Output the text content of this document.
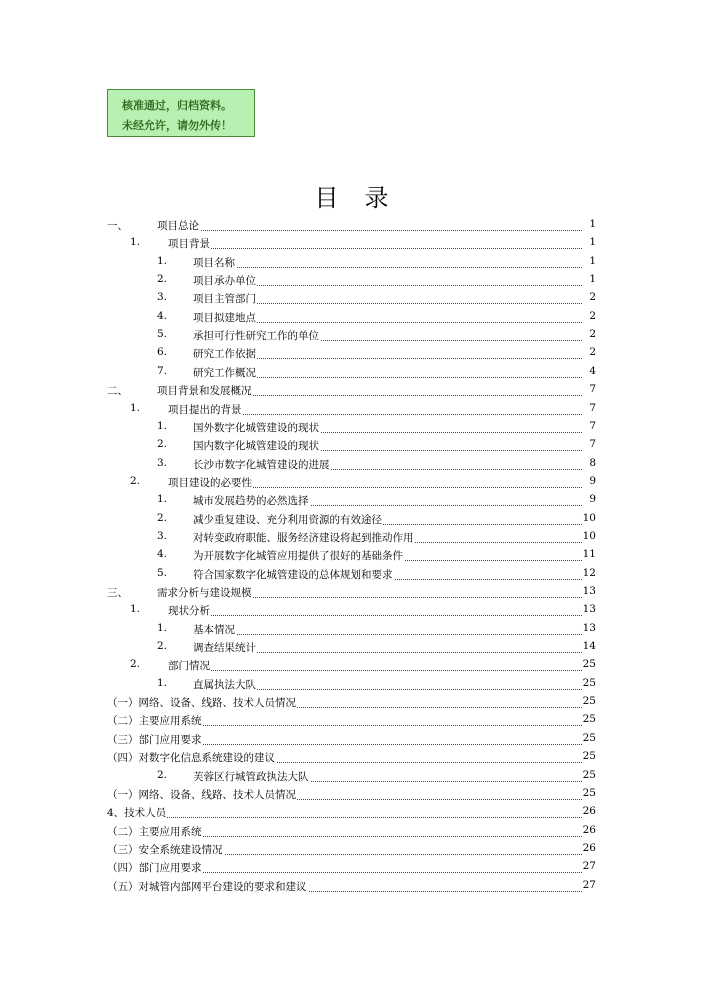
核准通过，归档资料。
未经允许，请勿外传！
目录
一、	项目总论	1
1.	项目背景	1
1. 项目名称	1
2. 项目承办单位	1
3. 项目主管部门	2
4. 项目拟建地点	2
5. 承担可行性研究工作的单位	2
6. 研究工作依据	2
7. 研究工作概况	4
二、	项目背景和发展概况	7
1.	项目提出的背景	7
1. 国外数字化城管建设的现状	7
2. 国内数字化城管建设的现状	7
3. 长沙市数字化城管建设的进展	8
2.	项目建设的必要性	9
1. 城市发展趋势的必然选择	9
2. 减少重复建设、充分利用资源的有效途径	10
3. 对转变政府职能、服务经济建设将起到推动作用	10
4. 为开展数字化城管应用提供了很好的基础条件	11
5. 符合国家数字化城管建设的总体规划和要求	12
三、	需求分析与建设规模	13
1.	现状分析	13
1. 基本情况	13
2. 调查结果统计	14
2.	部门情况	25
1. 直属执法大队	25
（一）网络、设备、线路、技术人员情况	25
（二）主要应用系统	25
（三）部门应用要求	25
（四）对数字化信息系统建设的建议	25
2. 芙蓉区行城管政执法大队	25
（一）网络、设备、线路、技术人员情况	25
4、技术人员	26
（二）主要应用系统	26
（三）安全系统建设情况	26
（四）部门应用要求	27
（五）对城管内部网平台建设的要求和建议	27
